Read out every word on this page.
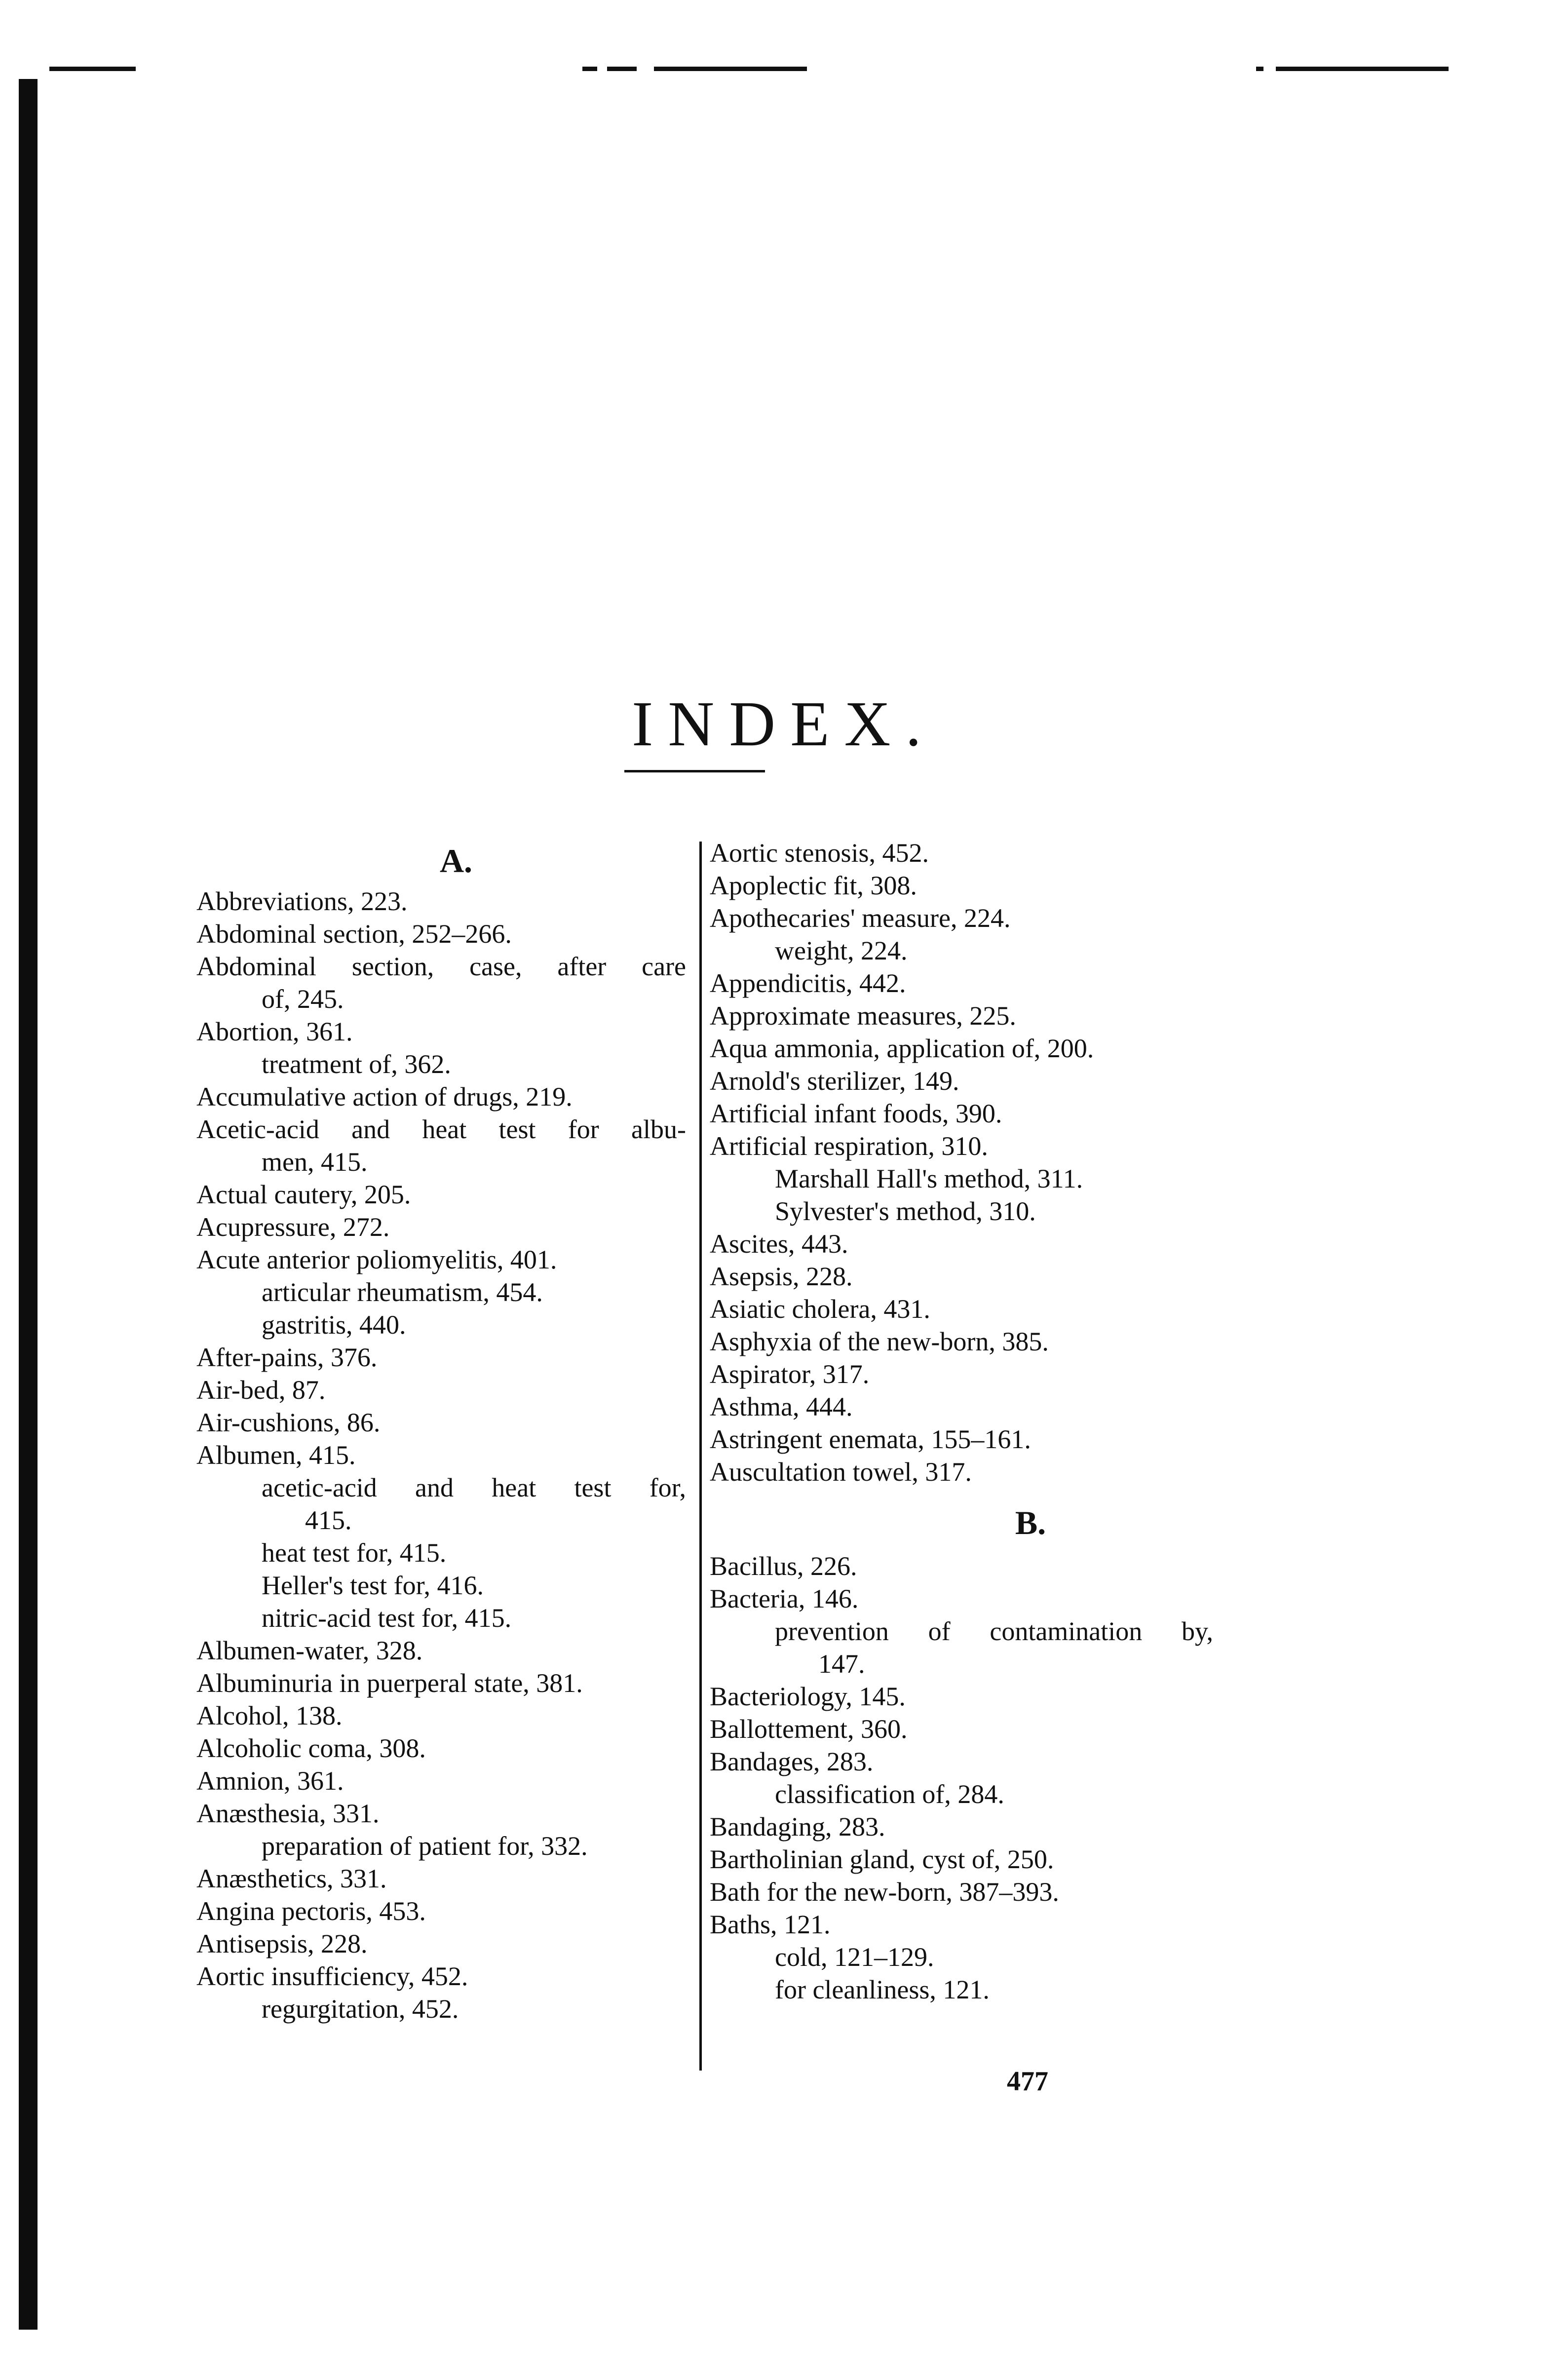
INDEX.
A.
Abbreviations, 223.
Abdominal section, 252–266.
Abdominal section, case, after care
of, 245.
Abortion, 361.
treatment of, 362.
Accumulative action of drugs, 219.
Acetic-acid and heat test for albu-
men, 415.
Actual cautery, 205.
Acupressure, 272.
Acute anterior poliomyelitis, 401.
articular rheumatism, 454.
gastritis, 440.
After-pains, 376.
Air-bed, 87.
Air-cushions, 86.
Albumen, 415.
acetic-acid and heat test for,
415.
heat test for, 415.
Heller's test for, 416.
nitric-acid test for, 415.
Albumen-water, 328.
Albuminuria in puerperal state, 381.
Alcohol, 138.
Alcoholic coma, 308.
Amnion, 361.
Anæsthesia, 331.
preparation of patient for, 332.
Anæsthetics, 331.
Angina pectoris, 453.
Antisepsis, 228.
Aortic insufficiency, 452.
regurgitation, 452.
Aortic stenosis, 452.
Apoplectic fit, 308.
Apothecaries' measure, 224.
weight, 224.
Appendicitis, 442.
Approximate measures, 225.
Aqua ammonia, application of, 200.
Arnold's sterilizer, 149.
Artificial infant foods, 390.
Artificial respiration, 310.
Marshall Hall's method, 311.
Sylvester's method, 310.
Ascites, 443.
Asepsis, 228.
Asiatic cholera, 431.
Asphyxia of the new-born, 385.
Aspirator, 317.
Asthma, 444.
Astringent enemata, 155–161.
Auscultation towel, 317.
B.
Bacillus, 226.
Bacteria, 146.
prevention of contamination by,
147.
Bacteriology, 145.
Ballottement, 360.
Bandages, 283.
classification of, 284.
Bandaging, 283.
Bartholinian gland, cyst of, 250.
Bath for the new-born, 387–393.
Baths, 121.
cold, 121–129.
for cleanliness, 121.
477
